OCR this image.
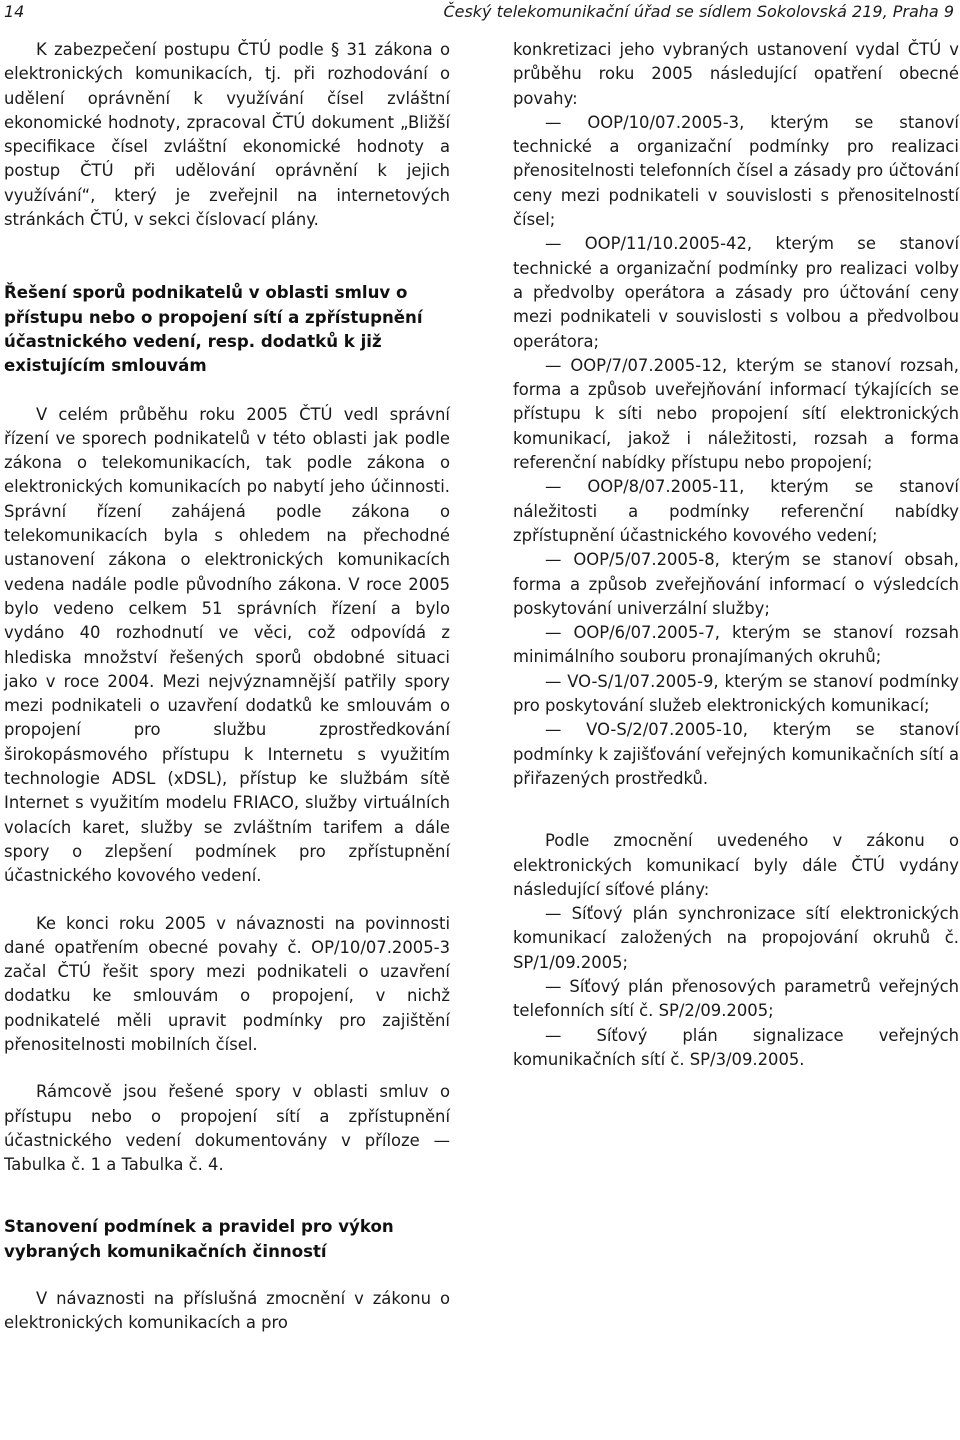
14	Český telekomunikační úřad se sídlem Sokolovská 219, Praha 9

K zabezpečení postupu ČTÚ podle § 31 zákona o elektronických komunikacích, tj. při rozhodování o udělení oprávnění k využívání čísel zvláštní ekonomické hodnoty, zpracoval ČTÚ dokument „Bližší specifikace čísel zvláštní ekonomické hodnoty a postup ČTÚ při udělování oprávnění k jejich využívání“, který je zveřejnil na internetových stránkách ČTÚ, v sekci číslovací plány.

Řešení sporů podnikatelů v oblasti smluv o přístupu nebo o propojení sítí a zpřístupnění účastnického vedení, resp. dodatků k již existujícím smlouvám

V celém průběhu roku 2005 ČTÚ vedl správní řízení ve sporech podnikatelů v této oblasti jak podle zákona o telekomunikacích, tak podle zákona o elektronických komunikacích po nabytí jeho účinnosti. Správní řízení zahájená podle zákona o telekomunikacích byla s ohledem na přechodné ustanovení zákona o elektronických komunikacích vedena nadále podle původního zákona. V roce 2005 bylo vedeno celkem 51 správních řízení a bylo vydáno 40 rozhodnutí ve věci, což odpovídá z hlediska množství řešených sporů obdobné situaci jako v roce 2004. Mezi nejvýznamnější patřily spory mezi podnikateli o uzavření dodatků ke smlouvám o propojení pro službu zprostředkování širokopásmového přístupu k Internetu s využitím technologie ADSL (xDSL), přístup ke službám sítě Internet s využitím modelu FRIACO, služby virtuálních volacích karet, služby se zvláštním tarifem a dále spory o zlepšení podmínek pro zpřístupnění účastnického kovového vedení.

Ke konci roku 2005 v návaznosti na povinnosti dané opatřením obecné povahy č. OP/10/07.2005-3 začal ČTÚ řešit spory mezi podnikateli o uzavření dodatku ke smlouvám o propojení, v nichž podnikatelé měli upravit podmínky pro zajištění přenositelnosti mobilních čísel.

Rámcově jsou řešené spory v oblasti smluv o přístupu nebo o propojení sítí a zpřístupnění účastnického vedení dokumentovány v příloze — Tabulka č. 1 a Tabulka č. 4.

Stanovení podmínek a pravidel pro výkon vybraných komunikačních činností

V návaznosti na příslušná zmocnění v zákonu o elektronických komunikacích a pro

konkretizaci jeho vybraných ustanovení vydal ČTÚ v průběhu roku 2005 následující opatření obecné povahy:

— OOP/10/07.2005-3, kterým se stanoví technické a organizační podmínky pro realizaci přenositelnosti telefonních čísel a zásady pro účtování ceny mezi podnikateli v souvislosti s přenositelností čísel;

— OOP/11/10.2005-42, kterým se stanoví technické a organizační podmínky pro realizaci volby a předvolby operátora a zásady pro účtování ceny mezi podnikateli v souvislosti s volbou a předvolbou operátora;

— OOP/7/07.2005-12, kterým se stanoví rozsah, forma a způsob uveřejňování informací týkajících se přístupu k síti nebo propojení sítí elektronických komunikací, jakož i náležitosti, rozsah a forma referenční nabídky přístupu nebo propojení;

— OOP/8/07.2005-11, kterým se stanoví náležitosti a podmínky referenční nabídky zpřístupnění účastnického kovového vedení;

— OOP/5/07.2005-8, kterým se stanoví obsah, forma a způsob zveřejňování informací o výsledcích poskytování univerzální služby;

— OOP/6/07.2005-7, kterým se stanoví rozsah minimálního souboru pronajímaných okruhů;

— VO-S/1/07.2005-9, kterým se stanoví podmínky pro poskytování služeb elektronických komunikací;

— VO-S/2/07.2005-10, kterým se stanoví podmínky k zajišťování veřejných komunikačních sítí a přiřazených prostředků.

Podle zmocnění uvedeného v zákonu o elektronických komunikací byly dále ČTÚ vydány následující síťové plány:

— Síťový plán synchronizace sítí elektronických komunikací založených na propojování okruhů č. SP/1/09.2005;

— Síťový plán přenosových parametrů veřejných telefonních sítí č. SP/2/09.2005;

— Síťový plán signalizace veřejných komunikačních sítí č. SP/3/09.2005.
